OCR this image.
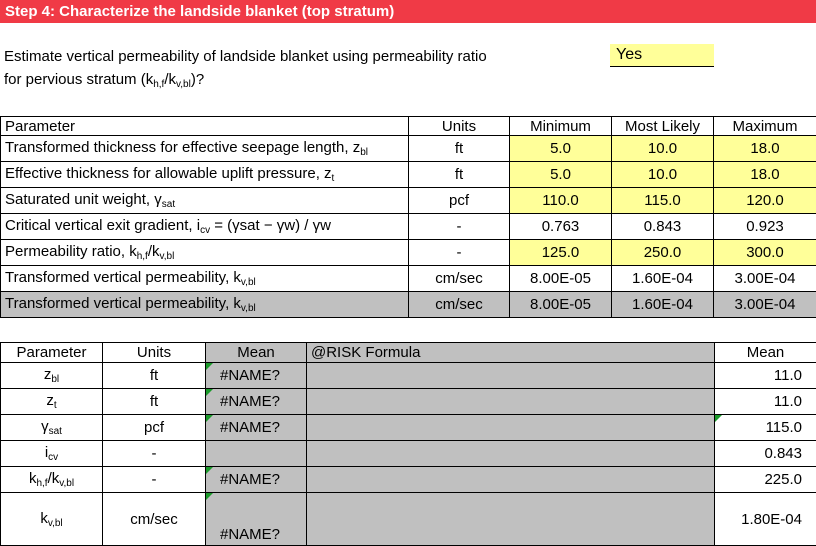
Step 4: Characterize the landside blanket (top stratum)
Estimate vertical permeability of landside blanket using permeability ratio
for pervious stratum $(k_{h,f}/k_{v,bl})$?
Yes
Parameter	Units	Minimum	Most Likely	Maximum
Transformed thickness for effective seepage length, $z_{bl}$	ft	5.0	10.0	18.0
Effective thickness for allowable uplift pressure, $z_t$	ft	5.0	10.0	18.0
Saturated unit weight, $\gamma_{sat}$	pcf	110.0	115.0	120.0
Critical vertical exit gradient, $i_{cv} = (\gamma sat - \gamma w) / \gamma w$	-	0.763	0.843	0.923
Permeability ratio, $k_{h,f}/k_{v,bl}$	-	125.0	250.0	300.0
Transformed vertical permeability, $k_{v,bl}$	cm/sec	8.00E-05	1.60E-04	3.00E-04
Transformed vertical permeability, $k_{v,bl}$	cm/sec	8.00E-05	1.60E-04	3.00E-04
Parameter	Units	Mean	@RISK Formula	Mean
$z_{bl}$	ft	#NAME?		11.0
$z_t$	ft	#NAME?		11.0
$\gamma_{sat}$	pcf	#NAME?		115.0
$i_{cv}$	-			0.843
$k_{h,f}/k_{v,bl}$	-	#NAME?		225.0
$k_{v,bl}$	cm/sec	#NAME?		1.80E-04
